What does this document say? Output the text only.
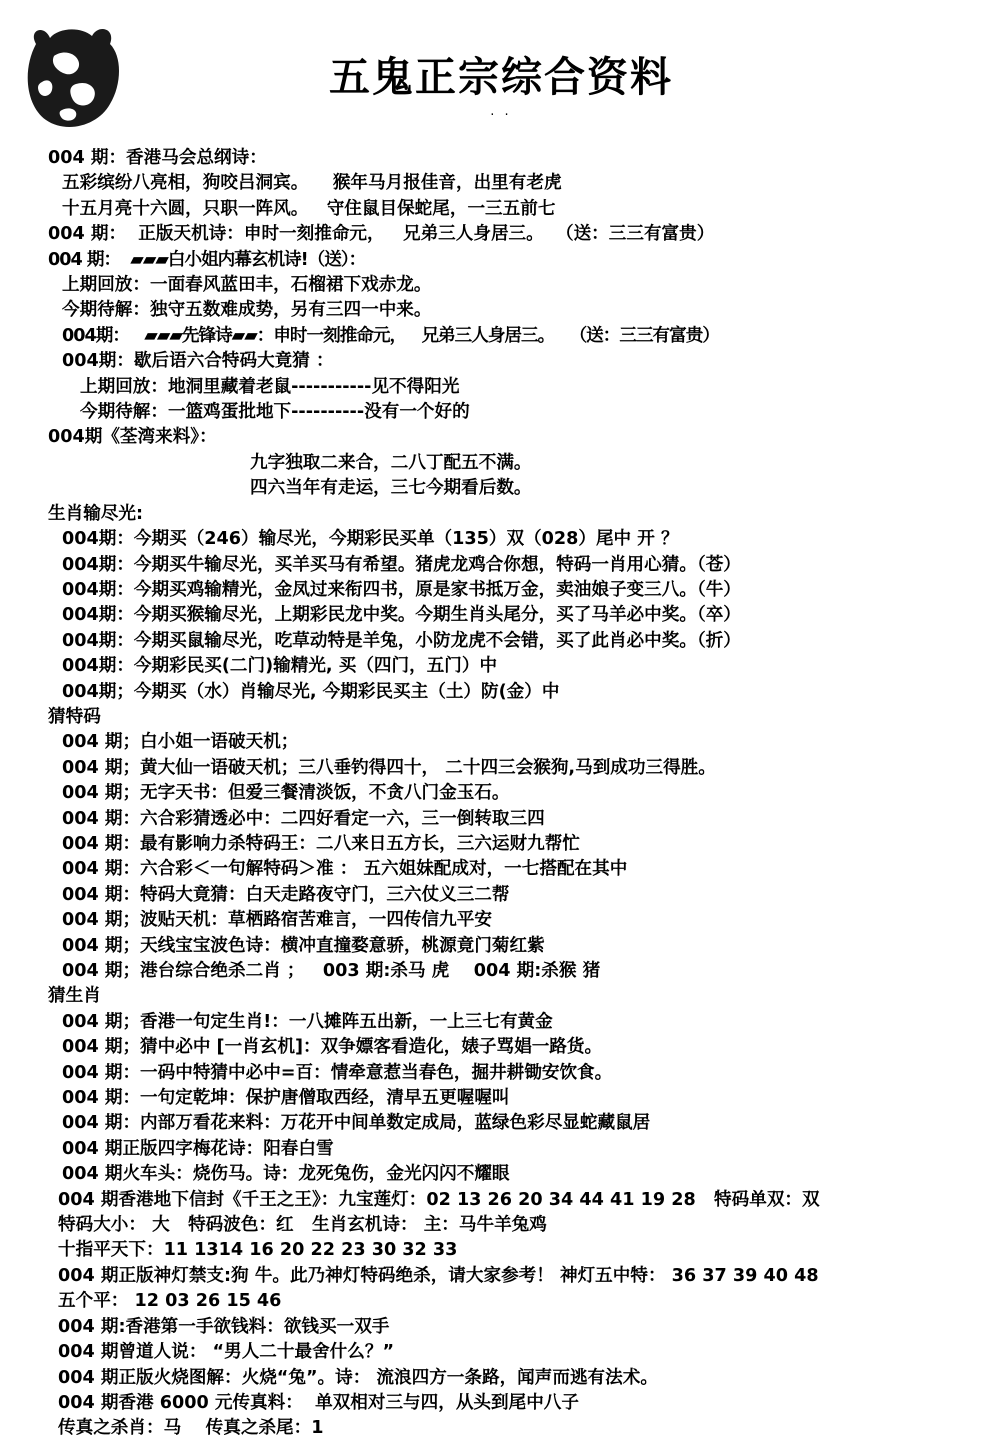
五鬼正宗综合资料
· ·
004 期：香港马会总纲诗：
五彩缤纷八亮相，狗咬吕洞宾。    猴年马月报佳音，出里有老虎
十五月亮十六圆，只职一阵风。   守住鼠目保蛇尾，一三五前七
004 期：  正版天机诗：申时一刻推命元，   兄弟三人身居三。  （送：三三有富贵）
004 期：  ▰▰▰白小姐内幕玄机诗!（送）：
上期回放：一面春风蓝田丰，石榴裙下戏赤龙。
今期待解：独守五数难成势，另有三四一中来。
004期：   ▰▰▰先锋诗▰▰：申时一刻推命元，   兄弟三人身居三。   （送：三三有富贵）
004期：歇后语六合特码大竟猜 ：
上期回放：地洞里藏着老鼠-----------见不得阳光
今期待解：一篮鸡蛋批地下----------没有一个好的
004期《荃湾来料》：
九字独取二来合，二八丁配五不满。
四六当年有走运，三七今期看后数。
生肖输尽光:
004期：今期买（246）输尽光，今期彩民买单（135）双（028）尾中 开 ？
004期：今期买牛输尽光，买羊买马有希望。猪虎龙鸡合你想，特码一肖用心猜。（苍）
004期：今期买鸡输精光，金凤过来衔四书，原是家书抵万金，卖油娘子变三八。（牛）
004期：今期买猴输尽光，上期彩民龙中奖。今期生肖头尾分，买了马羊必中奖。（卒）
004期：今期买鼠输尽光，吃草动特是羊兔，小防龙虎不会错，买了此肖必中奖。（折）
004期：今期彩民买(二门)输精光, 买（四门，五门）中
004期；今期买（水）肖输尽光, 今期彩民买主（土）防(金）中
猜特码
004 期；白小姐一语破天机；
004 期；黄大仙一语破天机；三八垂钓得四十， 二十四三会猴狗,马到成功三得胜。
004 期；无字天书：但爱三餐清淡饭，不贪八门金玉石。
004 期：六合彩猜透必中：二四好看定一六，三一倒转取三四
004 期：最有影响力杀特码王：二八来日五方长，三六运财九帮忙
004 期：六合彩＜一句解特码＞准 ： 五六姐妹配成对，一七搭配在其中
004 期：特码大竟猜：白天走路夜守门，三六仗义三二帮
004 期；波贴天机：草栖路宿苦难言，一四传信九平安
004 期；天线宝宝波色诗：横冲直撞婺意骄，桃源竟门菊红紫
004 期；港台综合绝杀二肖 ；   003 期:杀马 虎    004 期:杀猴 猪
猜生肖
004 期；香港一句定生肖!：一八摊阵五出新，一上三七有黄金
004 期；猜中必中 [一肖玄机]：双争嫖客看造化，婊子骂娼一路货。
004 期：一码中特猜中必中=百：情牵意惹当春色，掘井耕锄安饮食。
004 期：一句定乾坤：保护唐僧取西经，清早五更喔喔叫
004 期：内部万看花来料：万花开中间单数定成局，蓝绿色彩尽显蛇藏鼠居
004 期正版四字梅花诗：阳春白雪
004 期火车头：烧伤马。诗：龙死兔伤，金光闪闪不耀眼
004 期香港地下信封《千王之王》：九宝莲灯：02 13 26 20 34 44 41 19 28   特码单双：双
特码大小： 大   特码波色：红   生肖玄机诗： 主：马牛羊兔鸡
十指平天下：11 1314 16 20 22 23 30 32 33
004 期正版神灯禁支:狗 牛。此乃神灯特码绝杀，请大家参考！ 神灯五中特： 36 37 39 40 48
五个平： 12 03 26 15 46
004 期:香港第一手欲钱料：欲钱买一双手
004 期曾道人说： “男人二十最舍什么？”
004 期正版火烧图解：火烧“兔”。诗： 流浪四方一条路，闻声而逃有法术。
004 期香港 6000 元传真料：  单双相对三与四，从头到尾中八子
传真之杀肖：马    传真之杀尾：1
